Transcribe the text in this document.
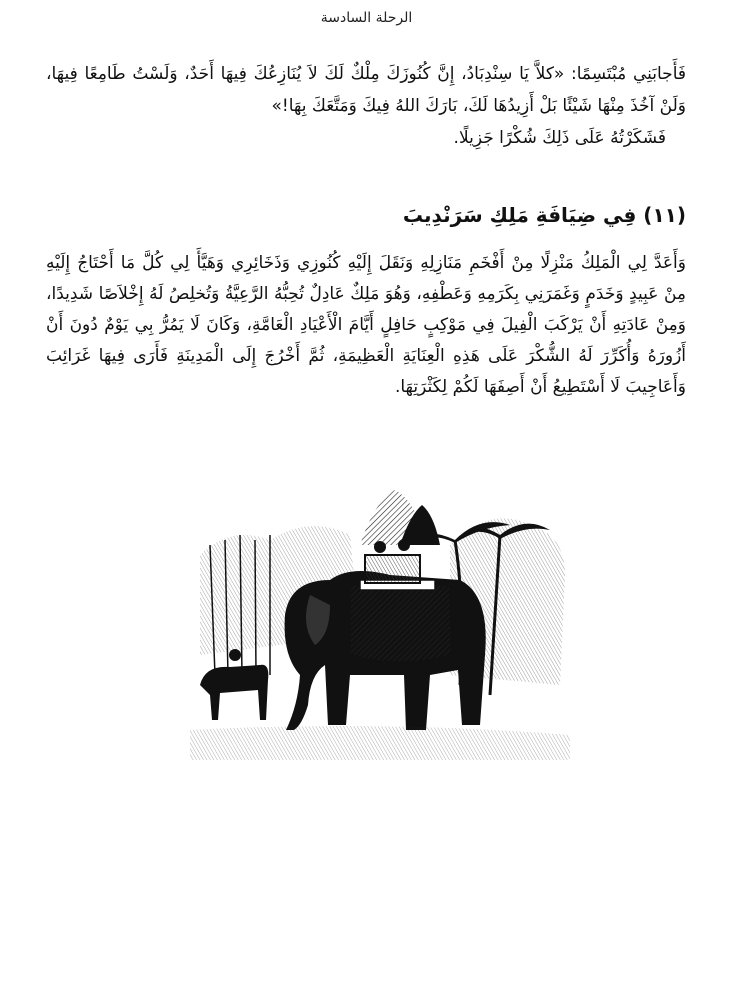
الرحلة السادسة
فَأَجابَنِي مُبْتَسِمًا: «كلاَّ يَا سِنْدِبَادُ، إِنَّ كُنُوزَكَ مِلْكٌ لَكَ لاَ يُنَازِعُكَ فِيهَا أَحَدٌ، وَلَسْتُ طَامِعًا فِيهَا، وَلَنْ آخُذَ مِنْهَا شَيْئًا بَلْ أَزِيدُهَا لَكَ، بَارَكَ اللهُ فِيكَ وَمَتَّعَكَ بِهَا!»
فَشَكَرْتُهُ عَلَى ذَلِكَ شُكْرًا جَزِيلًا.
(١١) فِي ضِيَافَةِ مَلِكِ سَرَنْدِيبَ
وَأَعَدَّ لِي الْمَلِكُ مَنْزِلًا مِنْ أَفْخَمِ مَنَازِلِهِ وَنَقَلَ إِلَيْهِ كُنُوزِي وَذَخَائِرِي وَهَيَّأَ لِي كُلَّ مَا أَحْتَاجُ إِلَيْهِ مِنْ عَبِيدٍ وَخَدَمٍ وَغَمَرَنِي بِكَرَمِهِ وَعَطْفِهِ، وَهُوَ مَلِكٌ عَادِلٌ تُحِبُّهُ الرَّعِيَّةُ وَتُخلِصُ لَهُ إِخْلاَصًا شَدِيدًا، وَمِنْ عَادَتِهِ أَنْ يَرْكَبَ الْفِيلَ فِي مَوْكِبٍ حَافِلٍ أَيَّامَ الْأَعْيَادِ الْعَامَّةِ، وَكَانَ لَا يَمُرُّ بِي يَوْمٌ دُونَ أَنْ أَزُورَهُ وَأُكَرِّرَ لَهُ الشُّكْرَ عَلَى هَذِهِ الْعِنَايَةِ الْعَظِيمَةِ، ثُمَّ أَخْرُجَ إِلَى الْمَدِينَةِ فَأَرَى فِيهَا غَرَائِبَ وَأَعَاجِيبَ لَا أَسْتَطِيعُ أَنْ أَصِفَهَا لَكُمْ لِكَثْرَتِهَا.
